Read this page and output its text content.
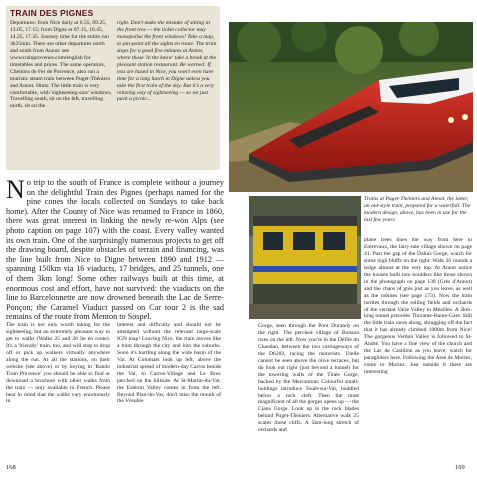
TRAIN DES PIGNES
Departures: from Nice daily at 6.55, 09.25, 13.05, 17.15; from Digne at 07.15, 10.45, 14.25, 17.35. Journey time for the entire run 3h25min. There are other departures north and south from Annot: see www.trainprovence.com/english for timetables and prices. The same operators, Chemins de Fer de Provence, also run a touristic steam train between Puget-Théniers and Annot. Hints: The little train is very comfortable, with 'sightseeing-size' windows. Travelling south, sit on the left, travelling north, sit on the
right. Don't make the mistake of sitting in the front row — the ticket collector may monopolise the front windows! Take a map, to pin-point all the sights en route. The train stops for a good five minutes at Annot, where those 'in the know' take a break at the pleasant station restaurant. Be warned: If you are based in Nice, you won't even have time for a long lunch in Digne unless you take the first train of the day. But it's a very relaxing way of sightseeing — so we just pack a picnic...
No trip to the south of France is complete without a journey on the delightful Train des Pignes (perhaps named for the pine cones the locals collected on Sundays to take back home). After the County of Nice was renamed to France in 1860, there was great interest in linking the newly re-won Alps (see photo caption on page 107) with the coast. Every valley wanted its own train. One of the surprisingly numerous projects to get off the drawing board, despite obstacles of terrain and financing, was the line built from Nice to Digne between 1890 and 1912 — spanning 150km via 16 viaducts, 17 bridges, and 25 tunnels, one of them 3km long! Some other railways built at this time, at enormous cost and effort, have not survived: the viaducts on the line to Barcelonnette are now drowned beneath the Lac de Serre-Ponçon; the Caramel Viaduct passed on Car tour 2 is the sad remains of the route from Menton to Sospel.
The train is not only worth taking for the sightseeing, but an extremely pleasant way to get to walks (Walks 25 and 26 lie en route). It's a 'friendly' train, too, and will stop to drop off or pick up walkers virtually anywhere along the run. At all the stations, on their website (see above) or by keying in 'Rando Train Provence' you should be able to find or download a brochure with other walks from the train — only available in French. Please bear in mind that the walks vary enormously in
interest and difficulty and should not be attempted without the relevant large-scale IGN map! Leaving Nice, the train moves like a tram through the city and into the suburbs. Soon it's hurtling along the wide basin of the Var. At Colomars look up left, above the industrial spread of modern-day Carros beside the Var, to Carros-Village and Le Broc perched on the hillside. At St-Martin-du-Var, the Estéron Valley comes in from the left. Beyond Plan-du-Var, don't miss the mouth of the Vésubie
168
Trains at Puget-Théniers and Annot, the latter, an old-style train, prepared for a waterfall. The modern design, above, has been in use for the last few years
Gorge, seen through the Pont Durandy on the right. The perched village of Bonson rises on the left. Now you're in the Défilé du Chaudan, between the two carriageways of the D6202, racing the motorists. Utelle cannot be seen above the olive terraces, but do look out right (just beyond a tunnel) for the towering walls of the Tinée Gorge, backed by the Mercantour. Colourful small-holdings introduce Touët-sur-Var, huddled below a rock cleft. Then the most magnificent of all the gorges opens up — the Cians Gorge. Look up to the rock blades behind Puget-Théniers. Alternative walk 25 scales those cliffs. A 5km-long stretch of orchards and
plane trees lines the way from here to Entrevaux, the fairy-tale village shown on page 41. Past the gap of the Daluis Gorge, watch for some high bluffs on the right: Walk 26 rounds a ledge almost at the very top. At Annot notice the houses built into boulders like those shown in the photograph on page 138 (Grès d'Annot) and the chaos of grès just as you leave, as well as the robines (see page 173). Now the train hurtles through the rolling fields and orchards of the verdant Vaïre Valley to Méailles. A 3km-long tunnel precedes Thorame-Haute-Gare. Still the little train races along, shrugging off the fact that it has already climbed 1000m from Nice! The gorgeous Verdon Valley is followed to St-André. You have a fine view of the church and the Lac de Castillon as you leave; watch for paragliders here. Following the Asse de Moriez, come to Moriez. Just outside it there are interesting
169
